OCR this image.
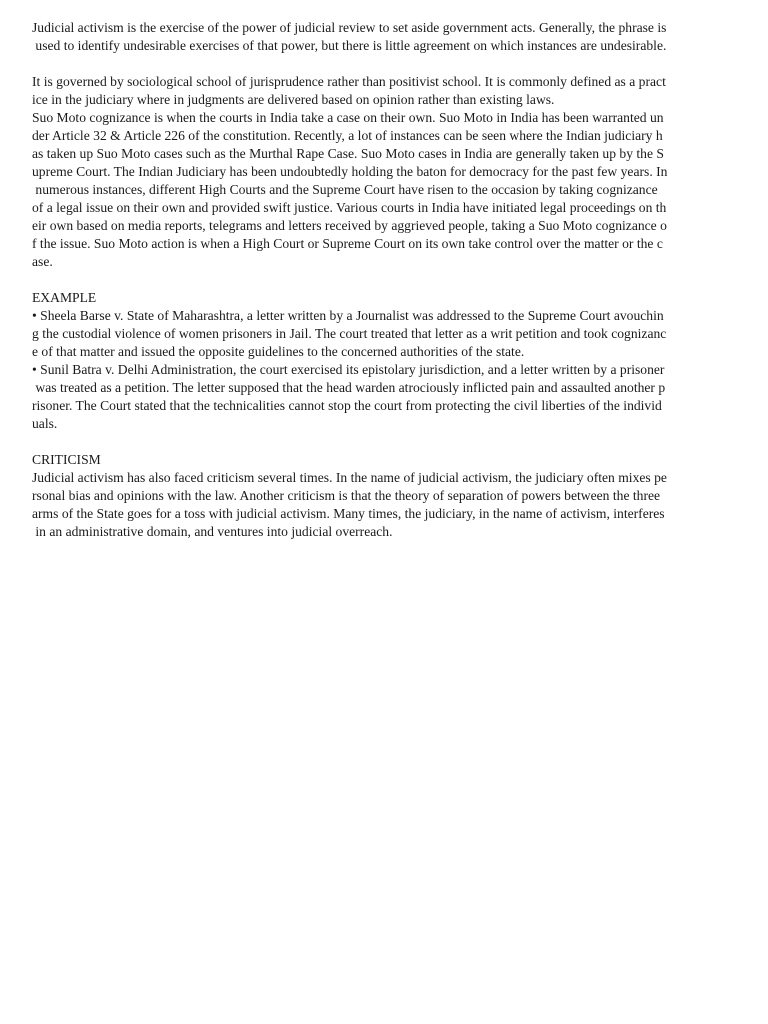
Judicial activism is the exercise of the power of judicial review to set aside government acts. Generally, the phrase is
used to identify undesirable exercises of that power, but there is little agreement on which instances are undesirable.
It is governed by sociological school of jurisprudence rather than positivist school. It is commonly defined as a pract
ice in the judiciary where in judgments are delivered based on opinion rather than existing laws.
Suo Moto cognizance is when the courts in India take a case on their own. Suo Moto in India has been warranted un
der Article 32 & Article 226 of the constitution. Recently, a lot of instances can be seen where the Indian judiciary h
as taken up Suo Moto cases such as the Murthal Rape Case. Suo Moto cases in India are generally taken up by the S
upreme Court. The Indian Judiciary has been undoubtedly holding the baton for democracy for the past few years. In
numerous instances, different High Courts and the Supreme Court have risen to the occasion by taking cognizance
of a legal issue on their own and provided swift justice. Various courts in India have initiated legal proceedings on th
eir own based on media reports, telegrams and letters received by aggrieved people, taking a Suo Moto cognizance o
f the issue. Suo Moto action is when a High Court or Supreme Court on its own take control over the matter or the c
ase.
EXAMPLE
• Sheela Barse v. State of Maharashtra, a letter written by a Journalist was addressed to the Supreme Court avouchin
g the custodial violence of women prisoners in Jail. The court treated that letter as a writ petition and took cognizanc
e of that matter and issued the opposite guidelines to the concerned authorities of the state.
• Sunil Batra v. Delhi Administration, the court exercised its epistolary jurisdiction, and a letter written by a prisoner
was treated as a petition. The letter supposed that the head warden atrociously inflicted pain and assaulted another p
risoner. The Court stated that the technicalities cannot stop the court from protecting the civil liberties of the individ
uals.
CRITICISM
Judicial activism has also faced criticism several times. In the name of judicial activism, the judiciary often mixes pe
rsonal bias and opinions with the law. Another criticism is that the theory of separation of powers between the three
arms of the State goes for a toss with judicial activism. Many times, the judiciary, in the name of activism, interferes
in an administrative domain, and ventures into judicial overreach.
